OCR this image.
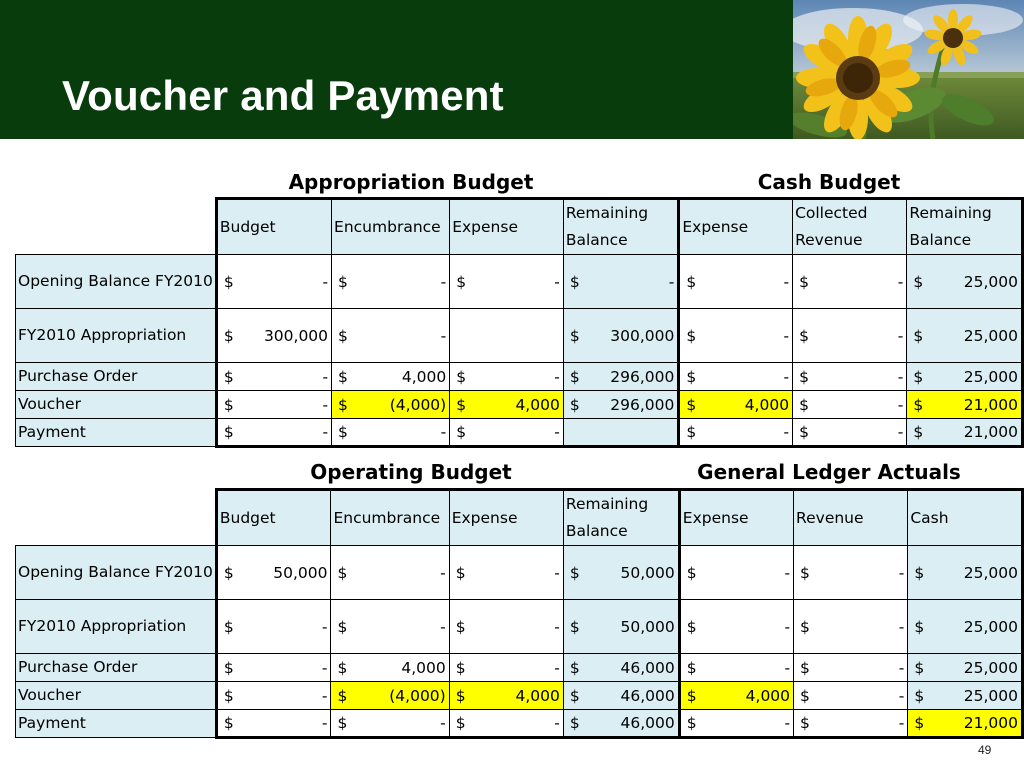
Voucher and Payment
Appropriation Budget	Cash Budget
	Budget	Encumbrance	Expense	Remaining Balance	Expense	Collected Revenue	Remaining Balance
Opening Balance FY2010	$ -	$ -	$ -	$ -	$ -	$ -	$ 25,000

FY2010 Appropriation	$ 300,000	$ -		$ 300,000	$ -	$ -	$ 25,000

Purchase Order	$ -	$ 4,000	$ -	$ 296,000	$ -	$ -	$ 25,000

Voucher	$ -	$ (4,000)	$ 4,000	$ 296,000	$ 4,000	$ -	$ 21,000

Payment	$ -	$ -	$ -		$ -	$ -	$ 21,000
Operating Budget	General Ledger Actuals
	Budget	Encumbrance	Expense	Remaining Balance	Expense	Revenue	Cash
Opening Balance FY2010	$ 50,000	$ -	$ -	$ 50,000	$ -	$ -	$ 25,000

FY2010 Appropriation	$ -	$ -	$ -	$ 50,000	$ -	$ -	$ 25,000

Purchase Order	$ -	$ 4,000	$ -	$ 46,000	$ -	$ -	$ 25,000

Voucher	$ -	$ (4,000)	$ 4,000	$ 46,000	$ 4,000	$ -	$ 25,000

Payment	$ -	$ -	$ -	$ 46,000	$ -	$ -	$ 21,000
49
